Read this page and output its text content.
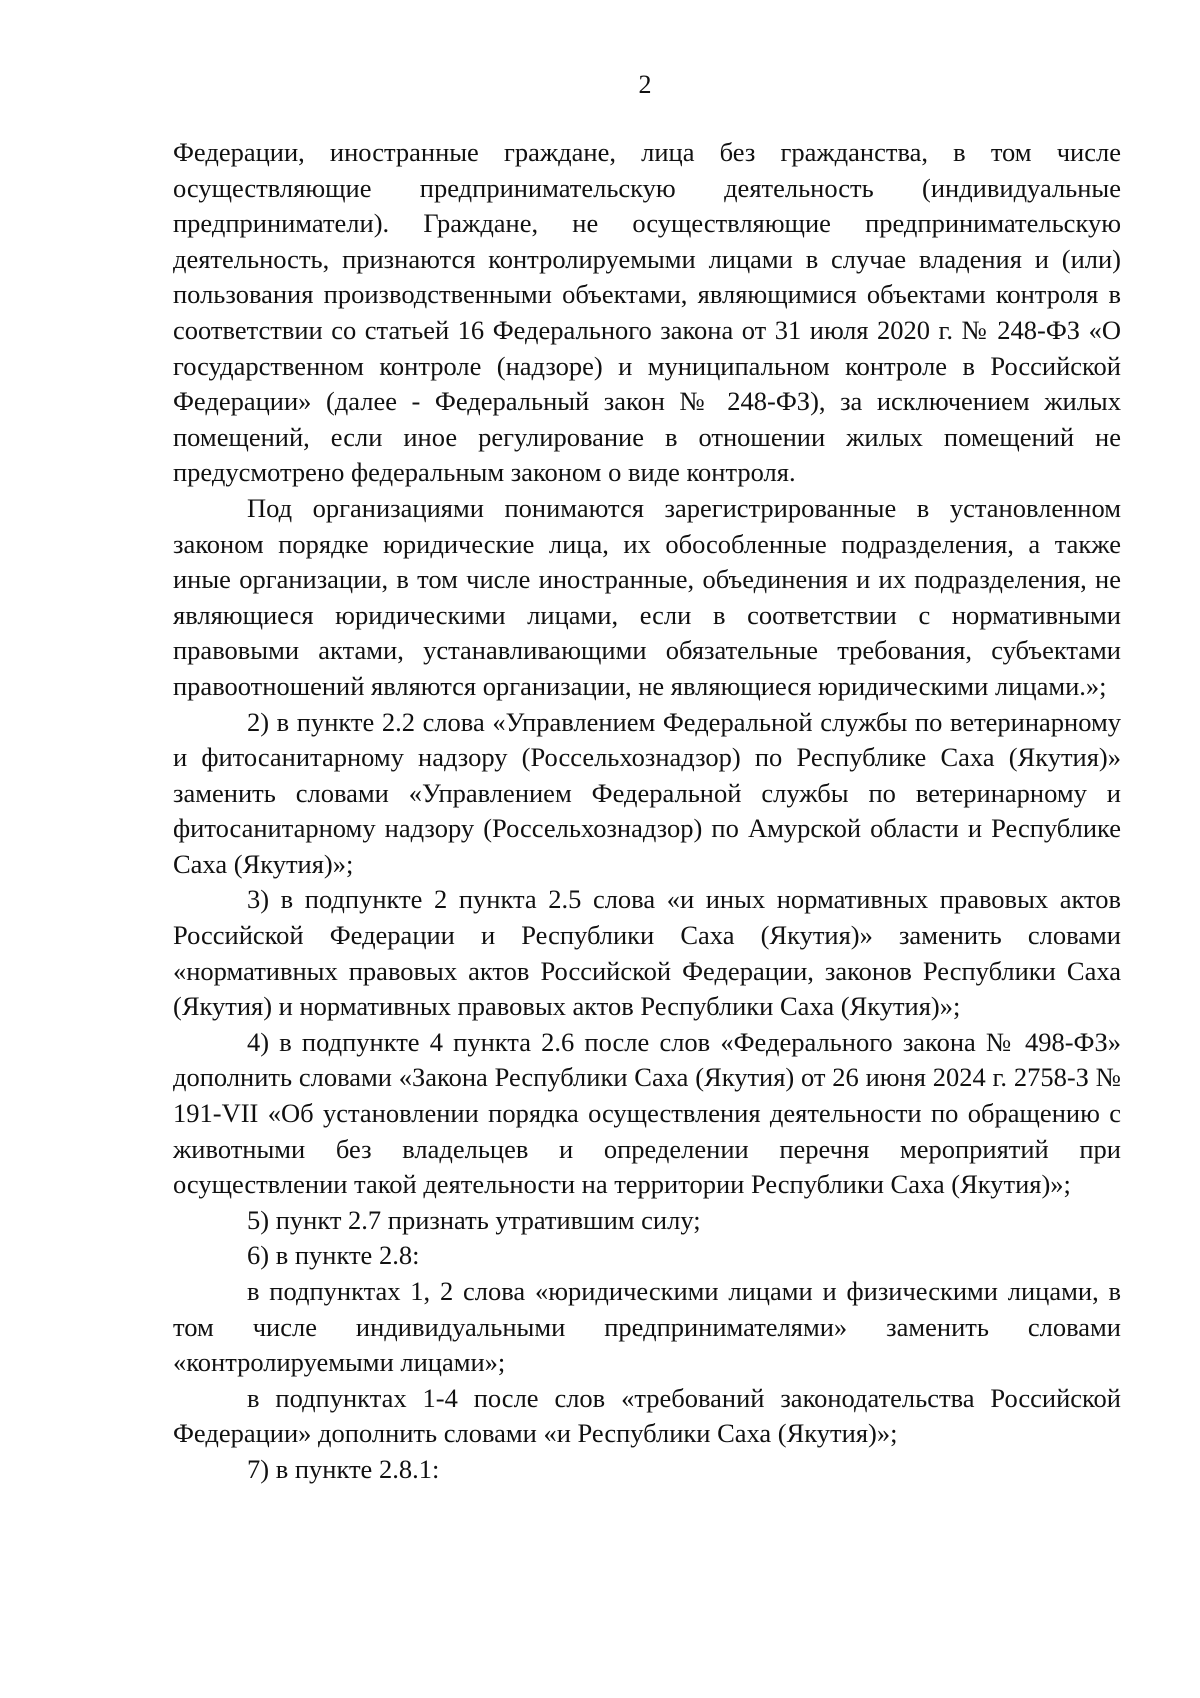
2

Федерации, иностранные граждане, лица без гражданства, в том числе осуществляющие предпринимательскую деятельность (индивидуальные предприниматели). Граждане, не осуществляющие предпринимательскую деятельность, признаются контролируемыми лицами в случае владения и (или) пользования производственными объектами, являющимися объектами контроля в соответствии со статьей 16 Федерального закона от 31 июля 2020 г. № 248-ФЗ «О государственном контроле (надзоре) и муниципальном контроле в Российской Федерации» (далее - Федеральный закон № 248-ФЗ), за исключением жилых помещений, если иное регулирование в отношении жилых помещений не предусмотрено федеральным законом о виде контроля.

Под организациями понимаются зарегистрированные в установленном законом порядке юридические лица, их обособленные подразделения, а также иные организации, в том числе иностранные, объединения и их подразделения, не являющиеся юридическими лицами, если в соответствии с нормативными правовыми актами, устанавливающими обязательные требования, субъектами правоотношений являются организации, не являющиеся юридическими лицами.»;

2) в пункте 2.2 слова «Управлением Федеральной службы по ветеринарному и фитосанитарному надзору (Россельхознадзор) по Республике Саха (Якутия)» заменить словами «Управлением Федеральной службы по ветеринарному и фитосанитарному надзору (Россельхознадзор) по Амурской области и Республике Саха (Якутия)»;

3) в подпункте 2 пункта 2.5 слова «и иных нормативных правовых актов Российской Федерации и Республики Саха (Якутия)» заменить словами «нормативных правовых актов Российской Федерации, законов Республики Саха (Якутия) и нормативных правовых актов Республики Саха (Якутия)»;

4) в подпункте 4 пункта 2.6 после слов «Федерального закона № 498-ФЗ» дополнить словами «Закона Республики Саха (Якутия) от 26 июня 2024 г. 2758-З № 191-VII «Об установлении порядка осуществления деятельности по обращению с животными без владельцев и определении перечня мероприятий при осуществлении такой деятельности на территории Республики Саха (Якутия)»;

5) пункт 2.7 признать утратившим силу;

6) в пункте 2.8:

в подпунктах 1, 2 слова «юридическими лицами и физическими лицами, в том числе индивидуальными предпринимателями» заменить словами «контролируемыми лицами»;

в подпунктах 1-4 после слов «требований законодательства Российской Федерации» дополнить словами «и Республики Саха (Якутия)»;

7) в пункте 2.8.1:
